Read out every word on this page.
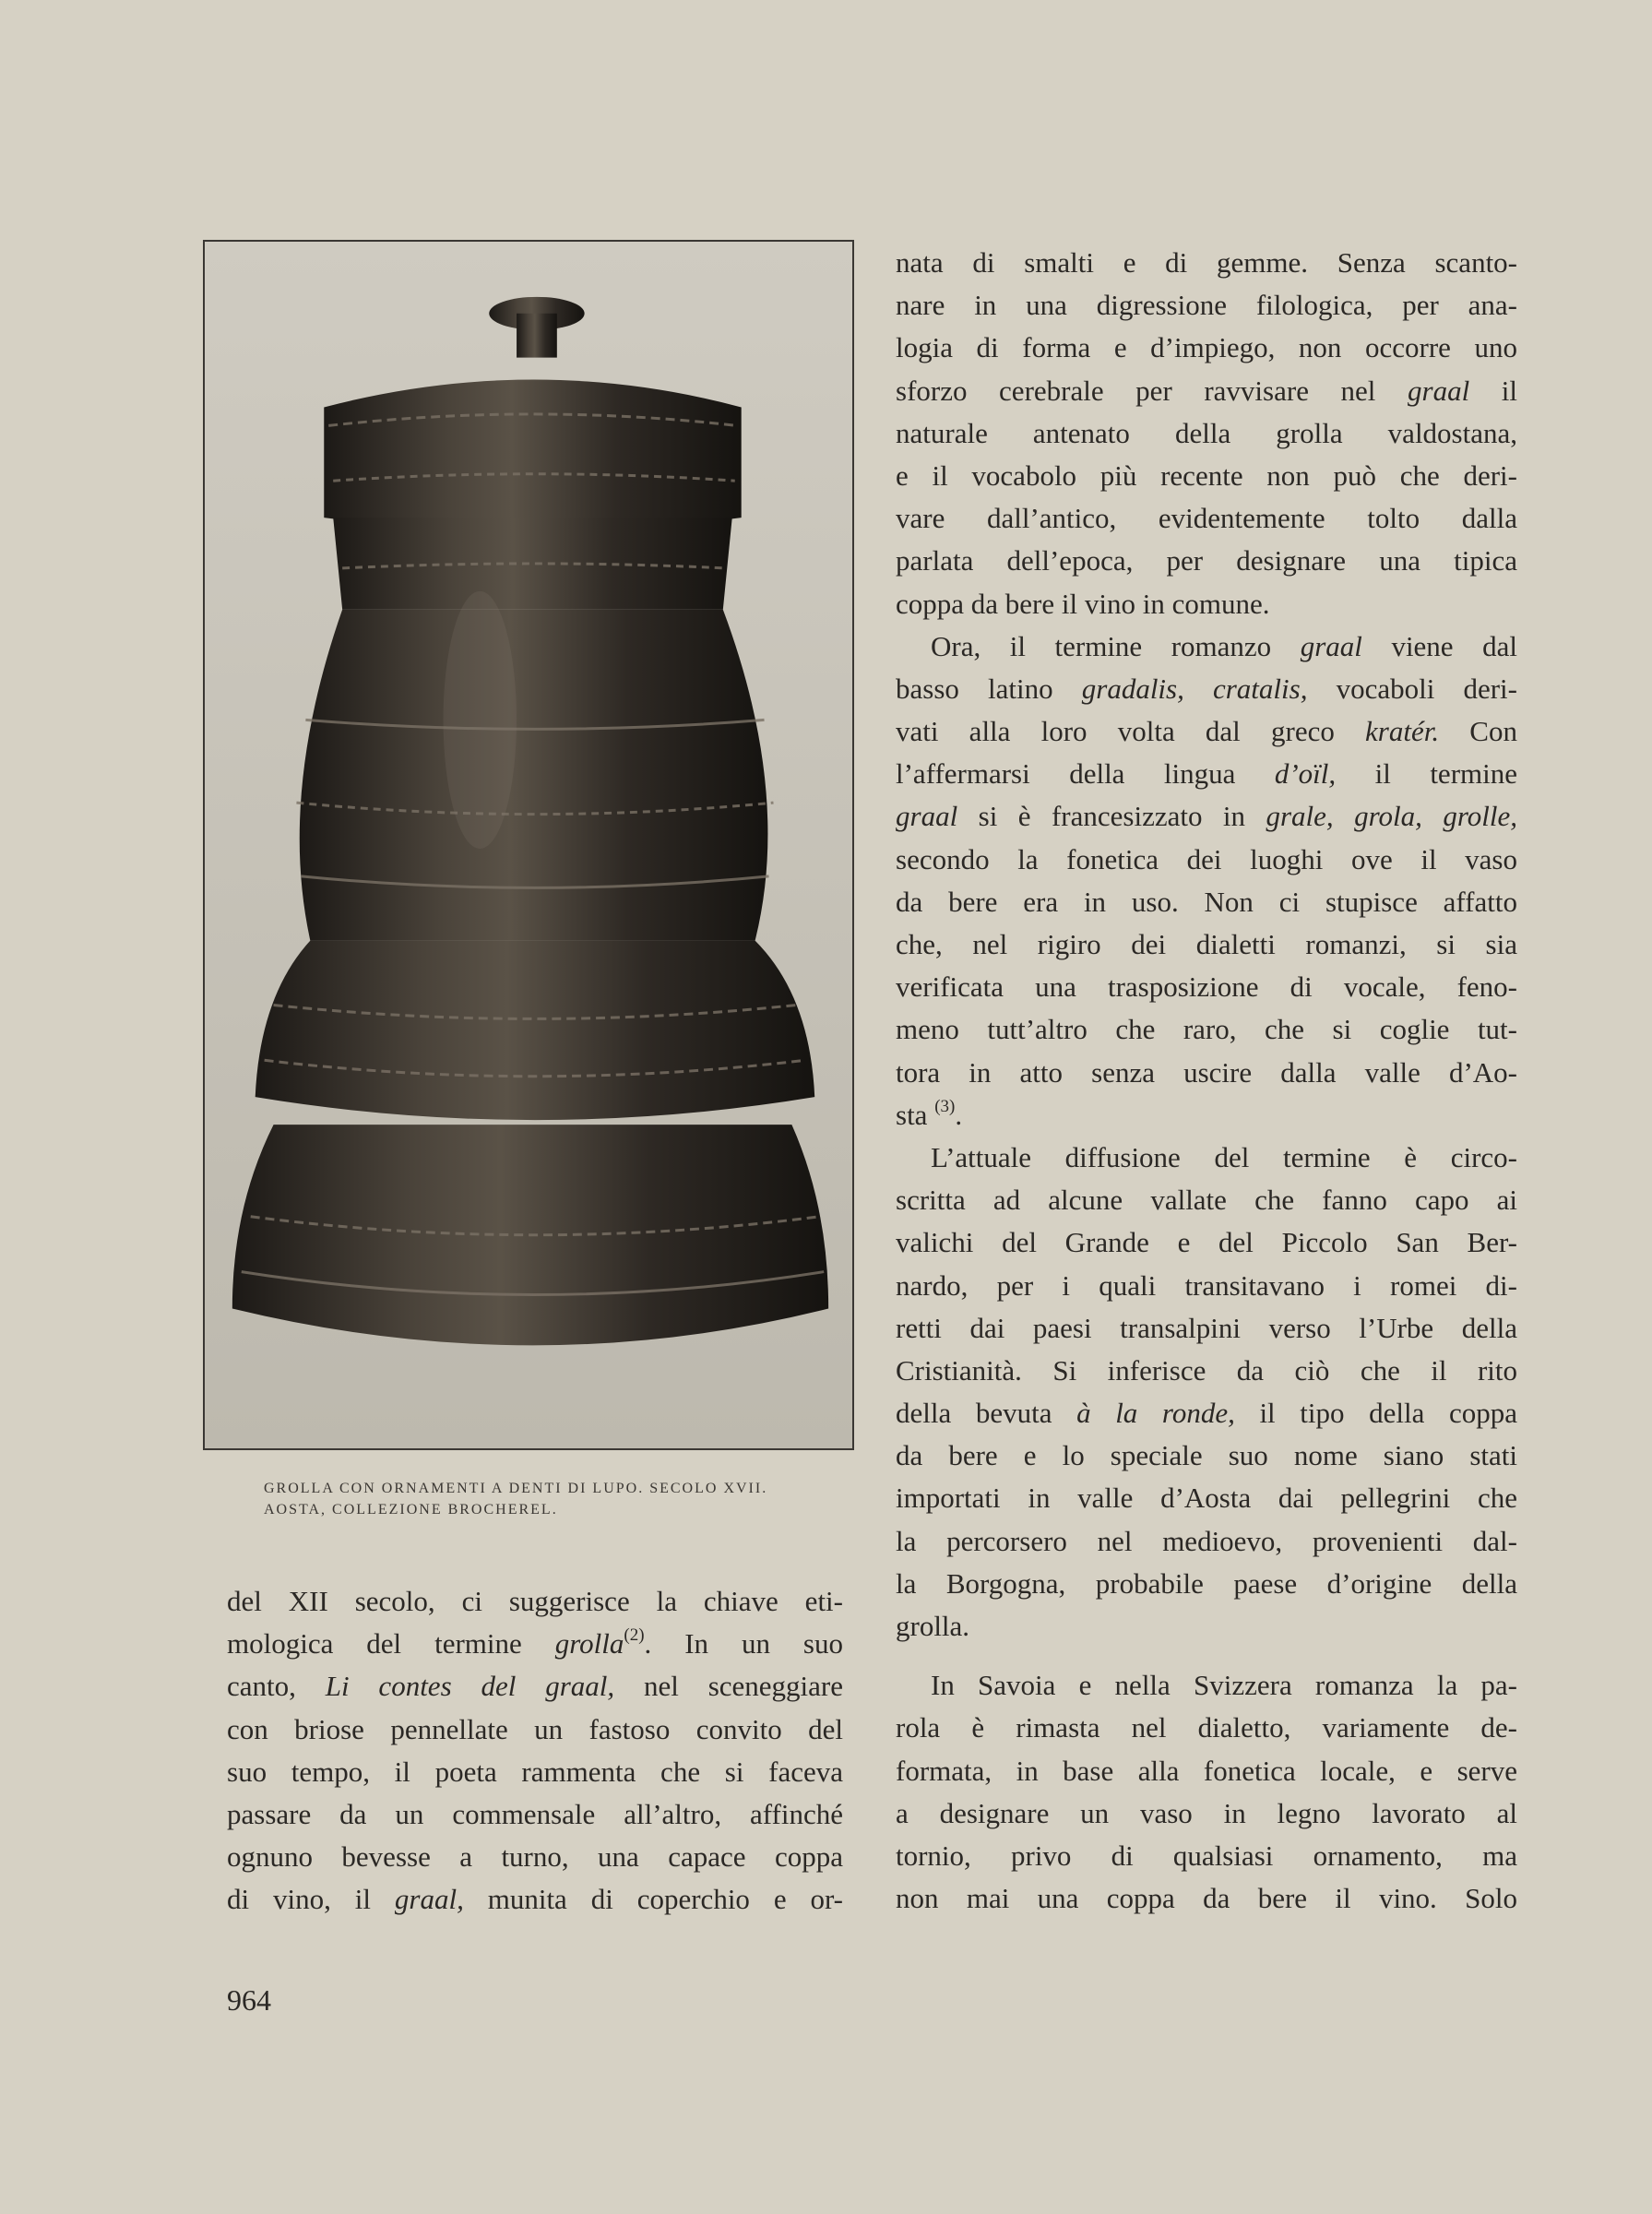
GROLLA CON ORNAMENTI A DENTI DI LUPO. SECOLO XVII.
AOSTA, COLLEZIONE BROCHEREL.
del XII secolo, ci suggerisce la chiave eti-
mologica del termine grolla$^{(2)}$. In un suo
canto, Li contes del graal, nel sceneggiare
con briose pennellate un fastoso convito del
suo tempo, il poeta rammenta che si faceva
passare da un commensale all’altro, affinché
ognuno bevesse a turno, una capace coppa
di vino, il graal, munita di coperchio e or-
nata di smalti e di gemme. Senza scanto-
nare in una digressione filologica, per ana-
logia di forma e d’impiego, non occorre uno
sforzo cerebrale per ravvisare nel graal il
naturale antenato della grolla valdostana,
e il vocabolo più recente non può che deri-
vare dall’antico, evidentemente tolto dalla
parlata dell’epoca, per designare una tipica
coppa da bere il vino in comune.
Ora, il termine romanzo graal viene dal
basso latino gradalis, cratalis, vocaboli deri-
vati alla loro volta dal greco kratér. Con
l’affermarsi della lingua d’oïl, il termine
graal si è francesizzato in grale, grola, grolle,
secondo la fonetica dei luoghi ove il vaso
da bere era in uso. Non ci stupisce affatto
che, nel rigiro dei dialetti romanzi, si sia
verificata una trasposizione di vocale, feno-
meno tutt’altro che raro, che si coglie tut-
tora in atto senza uscire dalla valle d’Ao-
sta $^{(3)}$.
L’attuale diffusione del termine è circo-
scritta ad alcune vallate che fanno capo ai
valichi del Grande e del Piccolo San Ber-
nardo, per i quali transitavano i romei di-
retti dai paesi transalpini verso l’Urbe della
Cristianità. Si inferisce da ciò che il rito
della bevuta à la ronde, il tipo della coppa
da bere e lo speciale suo nome siano stati
importati in valle d’Aosta dai pellegrini che
la percorsero nel medioevo, provenienti dal-
la Borgogna, probabile paese d’origine della
grolla.
In Savoia e nella Svizzera romanza la pa-
rola è rimasta nel dialetto, variamente de-
formata, in base alla fonetica locale, e serve
a designare un vaso in legno lavorato al
tornio, privo di qualsiasi ornamento, ma
non mai una coppa da bere il vino. Solo
964
